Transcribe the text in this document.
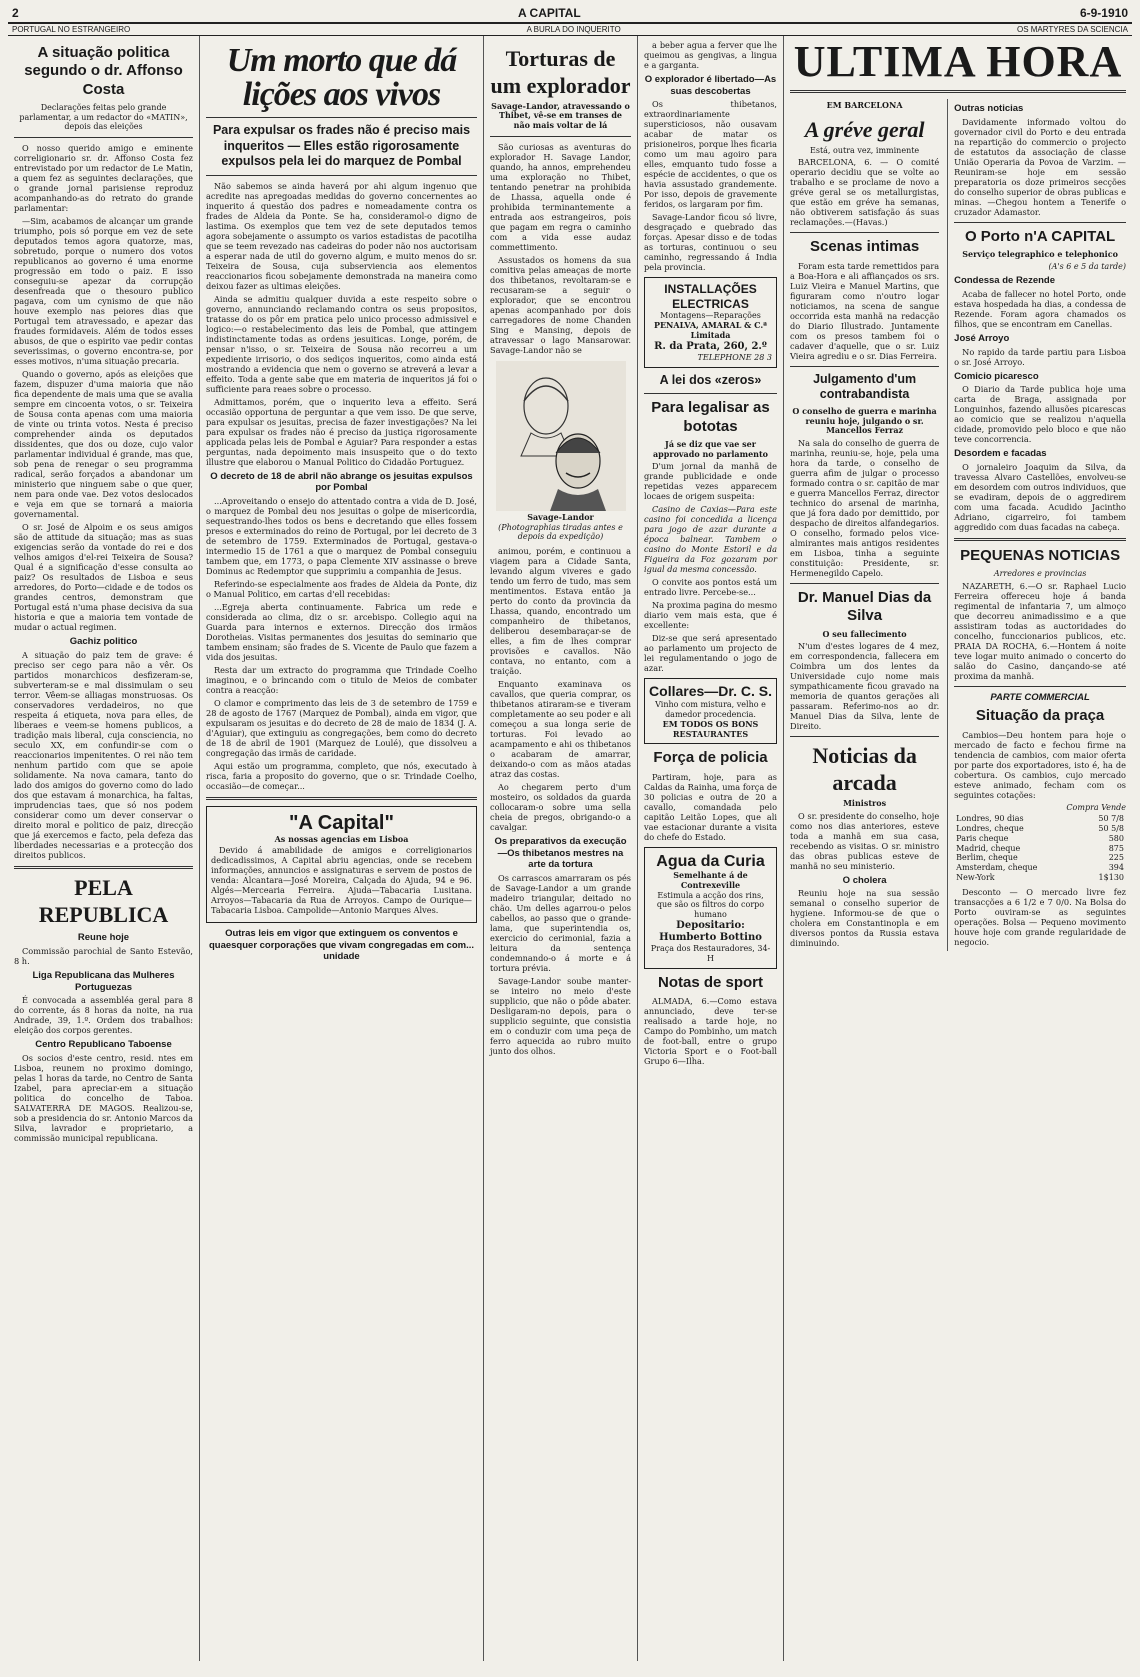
2	A CAPITAL	6-9-1910
PORTUGAL NO ESTRANGEIRO	A BURLA DO INQUERITO	OS MARTYRES DA SCIENCIA
A situação politica segundo o dr. Affonso Costa
Declarações feitas pelo grande parlamentar, a um redactor do «MATIN», depois das eleições

O nosso querido amigo e eminente correligionario sr. dr. Affonso Costa fez entrevistado por um redactor de Le Matin, a quem fez as seguintes declarações, que o grande jornal parisiense reproduz acompanhando-as do retrato do grande parlamentar:

—Sim, acabamos de alcançar um grande triumpho, pois só porque em vez de sete deputados temos agora quatorze, mas, sobretudo, porque o numero dos votos republicanos ao governo é uma enorme progressão em todo o paiz. E isso conseguiu-se apezar da corrupção desenfreada que o thesouro publico pagava, com um cynismo de que não houve exemplo nas peiores dias que Portugal tem atravessado, e apezar das fraudes formidaveis. Além de todos esses abusos, de que o espirito vae pedir contas severissimas, o governo encontra-se, por esses motivos, n'uma situação precaria.

Quando o governo, após as eleições que fazem, dispuzer d'uma maioria que não fica dependente de mais uma que se avalia sempre em cincoenta votos, o sr. Teixeira de Sousa conta apenas com uma maioria de vinte ou trinta votos. Nesta é preciso comprehender ainda os deputados dissidentes, que dos ou doze, cujo valor parlamentar individual é grande, mas que, sob pena de renegar o seu programma radical, serão forçados a abandonar um ministerio que ninguem sabe o que quer, nem para onde vae. Dez votos deslocados e veja em que se tornará a maioria governamental.

O sr. José de Alpoim e os seus amigos são de attitude da situação; mas as suas exigencias serão da vontade do rei e dos velhos amigos d'el-rei Teixeira de Sousa? Qual é a significação d'esse consulta ao paiz? Os resultados de Lisboa e seus arredores, do Porto—cidade e de todos os grandes centros, demonstram que Portugal está n'uma phase decisiva da sua historia e que a maioria tem vontade de mudar o actual regimen.

Gachiz politico

A situação do paiz tem de grave: é preciso ser cego para não a vêr. Os partidos monarchicos desfizeram-se, subverteram-se e mal dissimulam o seu terror. Vêem-se alliagas monstruosas. Os conservadores verdadeiros, no que respeita á etiqueta, nova para elles, de liberaes e veem-se homens publicos, a tradição mais liberal, cuja consciencia, no seculo XX, em confundir-se com o reaccionarios impenitentes. O rei não tem nenhum partido com que se apoie solidamente. Na nova camara, tanto do lado dos amigos do governo como do lado dos que estavam á monarchica, ha faltas, imprudencias taes, que só nos podem considerar como um dever conservar o direito moral e politico de paiz, direcção que já exercemos e facto, pela defeza das liberdades necessarias e a protecção dos direitos publicos.

PELA REPUBLICA
Reune hoje

Commissão parochial de Santo Estevão, 8 h.

Liga Republicana das Mulheres Portuguezas

É convocada a assembléa geral para 8 do corrente, ás 8 horas da noite, na rua Andrade, 39, 1.º. Ordem dos trabalhos: eleição dos corpos gerentes.

Centro Republicano Taboense

Os socios d'este centro, resid. ntes em Lisboa, reunem no proximo domingo, pelas 1 horas da tarde, no Centro de Santa Izabel, para apreciar-em a situação politica do concelho de Taboa. SALVATERRA DE MAGOS. Realizou-se, sob a presidencia do sr. Antonio Marcos da Silva, lavrador e proprietario, a commissão municipal republicana.

Um morto que dá lições aos vivos
Para expulsar os frades não é preciso mais inqueritos — Elles estão rigorosamente expulsos pela lei do marquez de Pombal

Não sabemos se ainda haverá por ahi algum ingenuo que acredite nas apregoadas medidas do governo concernentes ao inquerito á questão dos padres e nomeadamente contra os frades de Aldeia da Ponte. Se ha, consideramol-o digno de lastima. Os exemplos que tem vez de sete deputados temos agora sobejamente o assumpto os varios estadistas de pacotilha que se teem revezado nas cadeiras do poder não nos auctorisam a esperar nada de util do governo algum, e muito menos do sr. Teixeira de Sousa, cuja subserviencia aos elementos reaccionarios ficou sobejamente demonstrada na maneira como deixou fazer as ultimas eleições.

Ainda se admitiu qualquer duvida a este respeito sobre o governo, annunciando reclamando contra os seus propositos, tratasse do os pôr em pratica pelo unico processo admissivel e logico:—o restabelecimento das leis de Pombal, que attingem indistinctamente todas as ordens jesuiticas. Longe, porém, de pensar n'isso, o sr. Teixeira de Sousa não recorreu a um expediente irrisorio, o dos sediços inqueritos, como ainda está mostrando a evidencia que nem o governo se atreverá a levar a effeito. Toda a gente sabe que em materia de inqueritos já foi o sufficiente para reaes sobre o processo.

Admittamos, porém, que o inquerito leva a effeito. Será occasião opportuna de perguntar a que vem isso. De que serve, para expulsar os jesuitas, precisa de fazer investigações? Na lei para expulsar os frades não é preciso da justiça rigorosamente applicada pelas leis de Pombal e Aguiar? Para responder a estas perguntas, nada depoimento mais insuspeito que o do texto illustre que elaborou o Manual Politico do Cidadão Portuguez.

O decreto de 18 de abril não abrange os jesuitas expulsos por Pombal

...Aproveitando o ensejo do attentado contra a vida de D. José, o marquez de Pombal deu nos jesuitas o golpe de misericordia, sequestrando-lhes todos os bens e decretando que elles fossem presos e exterminados do reino de Portugal, por lei decreto de 3 de setembro de 1759. Exterminados de Portugal, gestava-o intermedio 15 de 1761 a que o marquez de Pombal conseguiu tambem que, em 1773, o papa Clemente XIV assinasse o breve Dominus ac Redemptor que supprimiu a companhia de Jesus.

Referindo-se especialmente aos frades de Aldeia da Ponte, diz o Manual Politico, em cartas d'ell recebidas:

...Egreja aberta continuamente. Fabrica um rede e considerada ao clima, diz o sr. arcebispo. Collegio aqui na Guarda para internos e externos. Direcção dos irmãos Dorotheias. Visitas permanentes dos jesuitas do seminario que tambem ensinam; são frades de S. Vicente de Paulo que fazem a vida dos jesuitas.

Resta dar um extracto do programma que Trindade Coelho imaginou, e o brincando com o titulo de Meios de combater contra a reacção:

O clamor e comprimento das leis de 3 de setembro de 1759 e 28 de agosto de 1767 (Marquez de Pombal), ainda em vigor, que expulsaram os jesuitas e do decreto de 28 de maio de 1834 (J. A. d'Aguiar), que extinguiu as congregações, bem como do decreto de 18 de abril de 1901 (Marquez de Loulé), que dissolveu a congregação das irmãs de caridade.

Aqui estão um programma, completo, que nós, executado à risca, faria a proposito do governo, que o sr. Trindade Coelho, occasião—de começar...

"A Capital"
As nossas agencias em Lisboa

Devido á amabilidade de amigos e correligionarios dedicadissimos, A Capital abriu agencias, onde se recebem informações, annuncios e assignaturas e servem de postos de venda: Alcantara—José Moreira, Calçada do Ajuda, 94 e 96. Algés—Mercearia Ferreira. Ajuda—Tabacaria Lusitana. Arroyos—Tabacaria da Rua de Arroyos. Campo de Ourique—Tabacaria Lisboa. Campolide—Antonio Marques Alves.

Outras leis em vigor que extinguem os conventos e quaesquer corporações que vivam congregadas em com... unidade
Torturas de um explorador
Savage-Landor, atravessando o Thibet, vê-se em transes de não mais voltar de lá

São curiosas as aventuras do explorador H. Savage Landor, quando, ha annos, emprehendeu uma exploração no Thibet, tentando penetrar na prohibida de Lhassa, aquella onde é prohibida terminantemente a entrada aos estrangeiros, pois que pagam em regra o caminho com a vida esse audaz commettimento.

Assustados os homens da sua comitiva pelas ameaças de morte dos thibetanos, revoltaram-se e recusaram-se a seguir o explorador, que se encontrou apenas acompanhado por dois carregadores de nome Chanden Sing e Mansing, depois de atravessar o lago Mansarowar. Savage-Landor não se

Savage-Landor
(Photographias tiradas antes e depois da expedição)

animou, porém, e continuou a viagem para a Cidade Santa, levando algum viveres e gado tendo um ferro de tudo, mas sem mentimentos. Estava então ja perto do conto da provincia da Lhassa, quando, encontrado um companheiro de thibetanos, deliberou desembaraçar-se de elles, a fim de lhes comprar provisões e cavallos. Não contava, no entanto, com a traição.

Enquanto examinava os cavallos, que queria comprar, os thibetanos atiraram-se e tiveram completamente ao seu poder e ali começou a sua longa serie de torturas. Foi levado ao acampamento e ahi os thibetanos o acabaram de amarrar, deixando-o com as mãos atadas atraz das costas.

Ao chegarem perto d'um mosteiro, os soldados da guarda collocaram-o sobre uma sella cheia de pregos, obrigando-o a cavalgar.

Os preparativos da execução—Os thibetanos mestres na arte da tortura

Os carrascos amarraram os pés de Savage-Landor a um grande madeiro triangular, deitado no chão. Um delles agarrou-o pelos cabellos, ao passo que o grande-lama, que superintendia os, exercicio do cerimonial, fazia a leitura da sentença condemnando-o á morte e á tortura prévia.

Savage-Landor soube manter-se inteiro no meio d'este supplicio, que não o pôde abater. Desligaram-no depois, para o supplicio seguinte, que consistia em o conduzir com uma peça de ferro aquecida ao rubro muito junto dos olhos.

a beber agua a ferver que lhe queimou as gengivas, a lingua e a garganta.

O explorador é libertado—As suas descobertas

Os thibetanos, extraordinariamente supersticiosos, não ousavam acabar de matar os prisioneiros, porque lhes ficaria como um mau agoiro para elles, emquanto tudo fosse a espécie de accidentes, o que os havia assustado grandemente. Por isso, depois de gravemente feridos, os largaram por fim.

Savage-Landor ficou só livre, desgraçado e quebrado das forças. Apesar disso e de todas as torturas, continuou o seu caminho, regressando á India pela provincia.

INSTALLAÇÕES ELECTRICAS
Montagens—Reparações
PENALVA, AMARAL & C.ª Limitada
R. da Prata, 260, 2.º
TELEPHONE 28 3
A lei dos «zeros»
Para legalisar as bototas
Já se diz que vae ser approvado no parlamento

D'um jornal da manhã de grande publicidade e onde repetidas vezes apparecem locaes de origem suspeita:

Casino de Caxias—Para este casino foi concedida a licença para jogo de azar durante a época balnear. Tambem o casino do Monte Estoril e da Figueira da Foz gozaram por igual da mesma concessão.

O convite aos pontos está um entrado livre. Percebe-se...

Na proxima pagina do mesmo diario vem mais esta, que é excellente:

Diz-se que será apresentado ao parlamento um projecto de lei regulamentando o jogo de azar.

Collares—Dr. C. S.
Vinho com mistura, velho e damedor procedencia.
EM TODOS OS BONS RESTAURANTES
Força de policia

Partiram, hoje, para as Caldas da Rainha, uma força de 30 policias e outra de 20 a cavallo, comandada pelo capitão Leitão Lopes, que ali vae estacionar durante a visita do chefe do Estado.

Agua da Curia
Semelhante á de Contrexeville
Estimula a acção dos rins, que são os filtros do corpo humano
Depositario: Humberto Bottino
Praça dos Restauradores, 34-H
Notas de sport

ALMADA, 6.—Como estava annunciado, deve ter-se realisado a tarde hoje, no Campo do Pombinho, um match de foot-ball, entre o grupo Victoria Sport e o Foot-ball Grupo 6—Ilha.

ULTIMA HORA
EM BARCELONA
A gréve geral
Está, outra vez, imminente

BARCELONA, 6. — O comité operario decidiu que se volte ao trabalho e se proclame de novo a gréve geral se os metallurgistas, que estão em gréve ha semanas, não obtiverem satisfação ás suas reclamações.—(Havas.)

Scenas intimas

Foram esta tarde remettidos para a Boa-Hora e ali affiançados os srs. Luiz Vieira e Manuel Martins, que figuraram como n'outro logar noticiamos, na scena de sangue occorrida esta manhã na redacção do Diario Illustrado. Juntamente com os presos tambem foi o cadaver d'aquelle, que o sr. Luiz Vieira agrediu e o sr. Dias Ferreira.

Julgamento d'um contrabandista
O conselho de guerra e marinha reuniu hoje, julgando o sr. Mancellos Ferraz

Na sala do conselho de guerra de marinha, reuniu-se, hoje, pela uma hora da tarde, o conselho de guerra afim de julgar o processo formado contra o sr. capitão de mar e guerra Mancellos Ferraz, director technico do arsenal de marinha, que já fora dado por demittido, por despacho de direitos alfandegarios. O conselho, formado pelos vice-almirantes mais antigos residentes em Lisboa, tinha a seguinte constituição: Presidente, sr. Hermenegildo Capelo.

Dr. Manuel Dias da Silva
O seu fallecimento

N'um d'estes logares de 4 mez, em correspondencia, fallecera em Coimbra um dos lentes da Universidade cujo nome mais sympathicamente ficou gravado na memoria de quantos gerações ali passaram. Referimo-nos ao dr. Manuel Dias da Silva, lente de Direito.

Noticias da arcada
Ministros

O sr. presidente do conselho, hoje como nos dias anteriores, esteve toda a manhã em sua casa, recebendo as visitas. O sr. ministro das obras publicas esteve de manhã no seu ministerio.

O cholera

Reuniu hoje na sua sessão semanal o conselho superior de hygiene. Informou-se de que o cholera em Constantinopla e em diversos pontos da Russia estava diminuindo.

Outras noticias

Davidamente informado voltou do governador civil do Porto e deu entrada na repartição do commercio o projecto de estatutos da associação de classe União Operaria da Povoa de Varzim. —Reuniram-se hoje em sessão preparatoria os doze primeiros secções do conselho superior de obras publicas e minas. —Chegou hontem a Tenerife o cruzador Adamastor.

O Porto n'A CAPITAL
Serviço telegraphico e telephonico
(A's 6 e 5 da tarde)
Condessa de Rezende

Acaba de fallecer no hotel Porto, onde estava hospedada ha dias, a condessa de Rezende. Foram agora chamados os filhos, que se encontram em Canellas.

José Arroyo

No rapido da tarde partiu para Lisboa o sr. José Arroyo.

Comicio picaresco

O Diario da Tarde publica hoje uma carta de Braga, assignada por Longuinhos, fazendo allusões picarescas ao comicio que se realizou n'aquella cidade, promovido pelo bloco e que não teve concorrencia.

Desordem e facadas

O jornaleiro Joaquim da Silva, da travessa Alvaro Castellões, envolveu-se em desordem com outros individuos, que se evadiram, depois de o aggredirem com uma facada. Acudido Jacintho Adriano, cigarreiro, foi tambem aggredido com duas facadas na cabeça.

PEQUENAS NOTICIAS
Arredores e provincias

NAZARETH, 6.—O sr. Raphael Lucio Ferreira offereceu hoje á banda regimental de infantaria 7, um almoço que decorreu animadissimo e a que assistiram todas as auctoridades do concelho, funccionarios publicos, etc. PRAIA DA ROCHA, 6.—Hontem á noite teve logar muito animado o concerto do salão do Casino, dançando-se até proxima da manhã.

PARTE COMMERCIAL
Situação da praça

Cambios—Deu hontem para hoje o mercado de facto e fechou firme na tendencia de cambios, com maior oferta por parte dos exportadores, isto é, ha de cobertura. Os cambios, cujo mercado esteve animado, fecham com os seguintes cotações:

Compra Vende
Londres, 90 dias	50 7/8
Londres, cheque	50 5/8
Paris cheque	580
Madrid, cheque	875
Berlim, cheque	225
Amsterdam, cheque	394
New-York	1$130

Desconto — O mercado livre fez transacções a 6 1/2 e 7 0/0. Na Bolsa do Porto ouviram-se as seguintes operações. Bolsa — Pequeno movimento houve hoje com grande regularidade de negocio.
